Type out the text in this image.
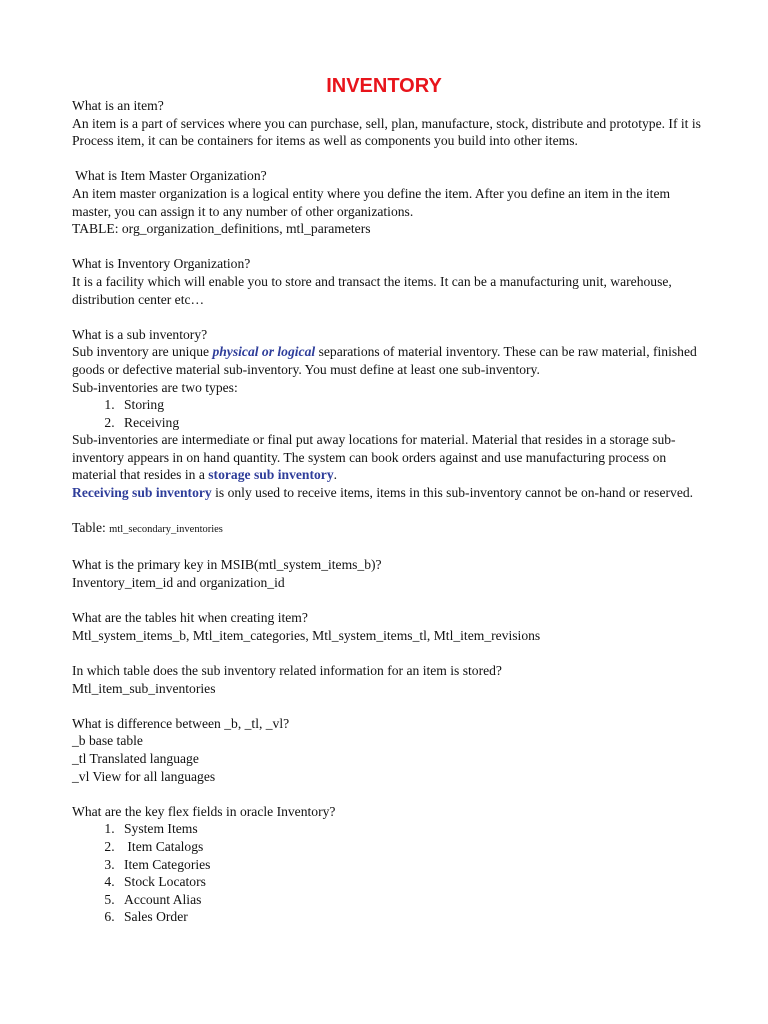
INVENTORY

What is an item?

An item is a part of services where you can purchase, sell, plan, manufacture, stock, distribute and prototype. If it is Process item, it can be containers for items as well as components you build into other items.

What is Item Master Organization?

An item master organization is a logical entity where you define the item. After you define an item in the item master, you can assign it to any number of other organizations.

TABLE: org_organization_definitions, mtl_parameters

What is Inventory Organization?

It is a facility which will enable you to store and transact the items. It can be a manufacturing unit, warehouse, distribution center etc…

What is a sub inventory?

Sub inventory are unique physical or logical separations of material inventory. These can be raw material, finished goods or defective material sub-inventory. You must define at least one sub-inventory.

Sub-inventories are two types:

1. Storing
2. Receiving

Sub-inventories are intermediate or final put away locations for material. Material that resides in a storage sub-inventory appears in on hand quantity. The system can book orders against and use manufacturing process on material that resides in a storage sub inventory.

Receiving sub inventory is only used to receive items, items in this sub-inventory cannot be on-hand or reserved.

Table: mtl_secondary_inventories

What is the primary key in MSIB(mtl_system_items_b)?

Inventory_item_id and organization_id

What are the tables hit when creating item?

Mtl_system_items_b, Mtl_item_categories, Mtl_system_items_tl, Mtl_item_revisions

In which table does the sub inventory related information for an item is stored?

Mtl_item_sub_inventories

What is difference between _b, _tl, _vl?

_b base table

_tl Translated language

_vl View for all languages

What are the key flex fields in oracle Inventory?

1. System Items
2.  Item Catalogs
3. Item Categories
4. Stock Locators
5. Account Alias
6. Sales Order
